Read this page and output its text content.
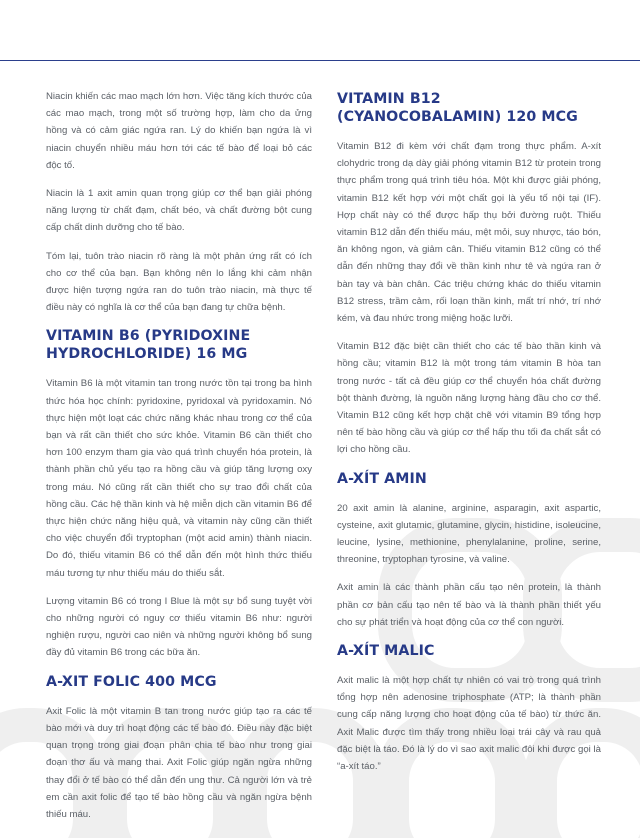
Niacin khiến các mao mạch lớn hơn. Việc tăng kích thước của các mao mạch, trong một số trường hợp, làm cho da ửng hồng và có cảm giác ngứa ran. Lý do khiến bạn ngứa là vì niacin chuyển nhiều máu hơn tới các tế bào để loại bỏ các độc tố.

Niacin là 1 axit amin quan trọng giúp cơ thể bạn giải phóng năng lượng từ chất đạm, chất béo, và chất đường bột cung cấp chất dinh dưỡng cho tế bào.

Tóm lại, tuôn trào niacin rõ ràng là một phản ứng rất có ích cho cơ thể của bạn. Bạn không nên lo lắng khi cảm nhận được hiện tượng ngứa ran do tuôn trào niacin, mà thực tế điều này có nghĩa là cơ thể của bạn đang tự chữa bệnh.

VITAMIN B6 (PYRIDOXINE HYDROCHLORIDE) 16 MG

Vitamin B6 là một vitamin tan trong nước tồn tại trong ba hình thức hóa học chính: pyridoxine, pyridoxal và pyridoxamin. Nó thực hiện một loạt các chức năng khác nhau trong cơ thể của bạn và rất cần thiết cho sức khỏe. Vitamin B6 cần thiết cho hơn 100 enzym tham gia vào quá trình chuyển hóa protein, là thành phần chủ yếu tạo ra hồng cầu và giúp tăng lượng oxy trong máu. Nó cũng rất cần thiết cho sự trao đổi chất của hồng cầu. Các hệ thần kinh và hệ miễn dịch cần vitamin B6 để thực hiện chức năng hiệu quả, và vitamin này cũng cần thiết cho việc chuyển đổi tryptophan (một acid amin) thành niacin. Do đó, thiếu vitamin B6 có thể dẫn đến một hình thức thiếu máu tương tự như thiếu máu do thiếu sắt.

Lượng vitamin B6 có trong I Blue là một sự bổ sung tuyệt vời cho những người có nguy cơ thiếu vitamin B6 như: người nghiện rượu, người cao niên và những người không bổ sung đầy đủ vitamin B6 trong các bữa ăn.

A-XIT FOLIC 400 MCG

Axit Folic là một vitamin B tan trong nước giúp tạo ra các tế bào mới và duy trì hoạt động các tế bào đó. Điều này đặc biệt quan trọng trong giai đoạn phân chia tế bào như trong giai đoạn thơ ấu và mang thai. Axit Folic giúp ngăn ngừa những thay đổi ở tế bào có thể dẫn đến ung thư. Cả người lớn và trẻ em cần axit folic để tạo tế bào hồng cầu và ngăn ngừa bệnh thiếu máu.

VITAMIN B12 (CYANOCOBALAMIN) 120 MCG

Vitamin B12 đi kèm với chất đạm trong thực phẩm. A-xít clohydric trong dạ dày giải phóng vitamin B12 từ protein trong thực phẩm trong quá trình tiêu hóa. Một khi được giải phóng, vitamin B12 kết hợp với một chất gọi là yếu tố nội tại (IF). Hợp chất này có thể được hấp thụ bởi đường ruột. Thiếu vitamin B12 dẫn đến thiếu máu, mệt mỏi, suy nhược, táo bón, ăn không ngon, và giảm cân. Thiếu vitamin B12 cũng có thể dẫn đến những thay đổi về thần kinh như tê và ngứa ran ở bàn tay và bàn chân. Các triệu chứng khác do thiếu vitamin B12 stress, trầm cảm, rối loạn thần kinh, mất trí nhớ, trí nhớ kém, và đau nhức trong miệng hoặc lưỡi.

Vitamin B12 đặc biệt cần thiết cho các tế bào thần kinh và hồng cầu; vitamin B12 là một trong tám vitamin B hòa tan trong nước - tất cả đều giúp cơ thể chuyển hóa chất đường bột thành đường, là nguồn năng lượng hàng đầu cho cơ thể. Vitamin B12 cũng kết hợp chặt chẽ với vitamin B9 tổng hợp nên tế bào hồng cầu và giúp cơ thể hấp thu tối đa chất sắt có lợi cho hồng cầu.

A-XÍT AMIN

20 axit amin là alanine, arginine, asparagin, axit aspartic, cysteine, axit glutamic, glutamine, glycin, histidine, isoleucine, leucine, lysine, methionine, phenylalanine, proline, serine, threonine, tryptophan tyrosine, và valine.

Axit amin là các thành phần cấu tạo nên protein, là thành phần cơ bản cấu tạo nên tế bào và là thành phần thiết yếu cho sự phát triển và hoạt động của cơ thể con người.

A-XÍT MALIC

Axit malic là một hợp chất tự nhiên có vai trò trong quá trình tổng hợp nên adenosine triphosphate (ATP; là thành phần cung cấp năng lượng cho hoạt động của tế bào) từ thức ăn. Axit Malic được tìm thấy trong nhiều loại trái cây và rau quả đặc biệt là táo. Đó là lý do vì sao axit malic đôi khi được gọi là “a-xít táo.”
